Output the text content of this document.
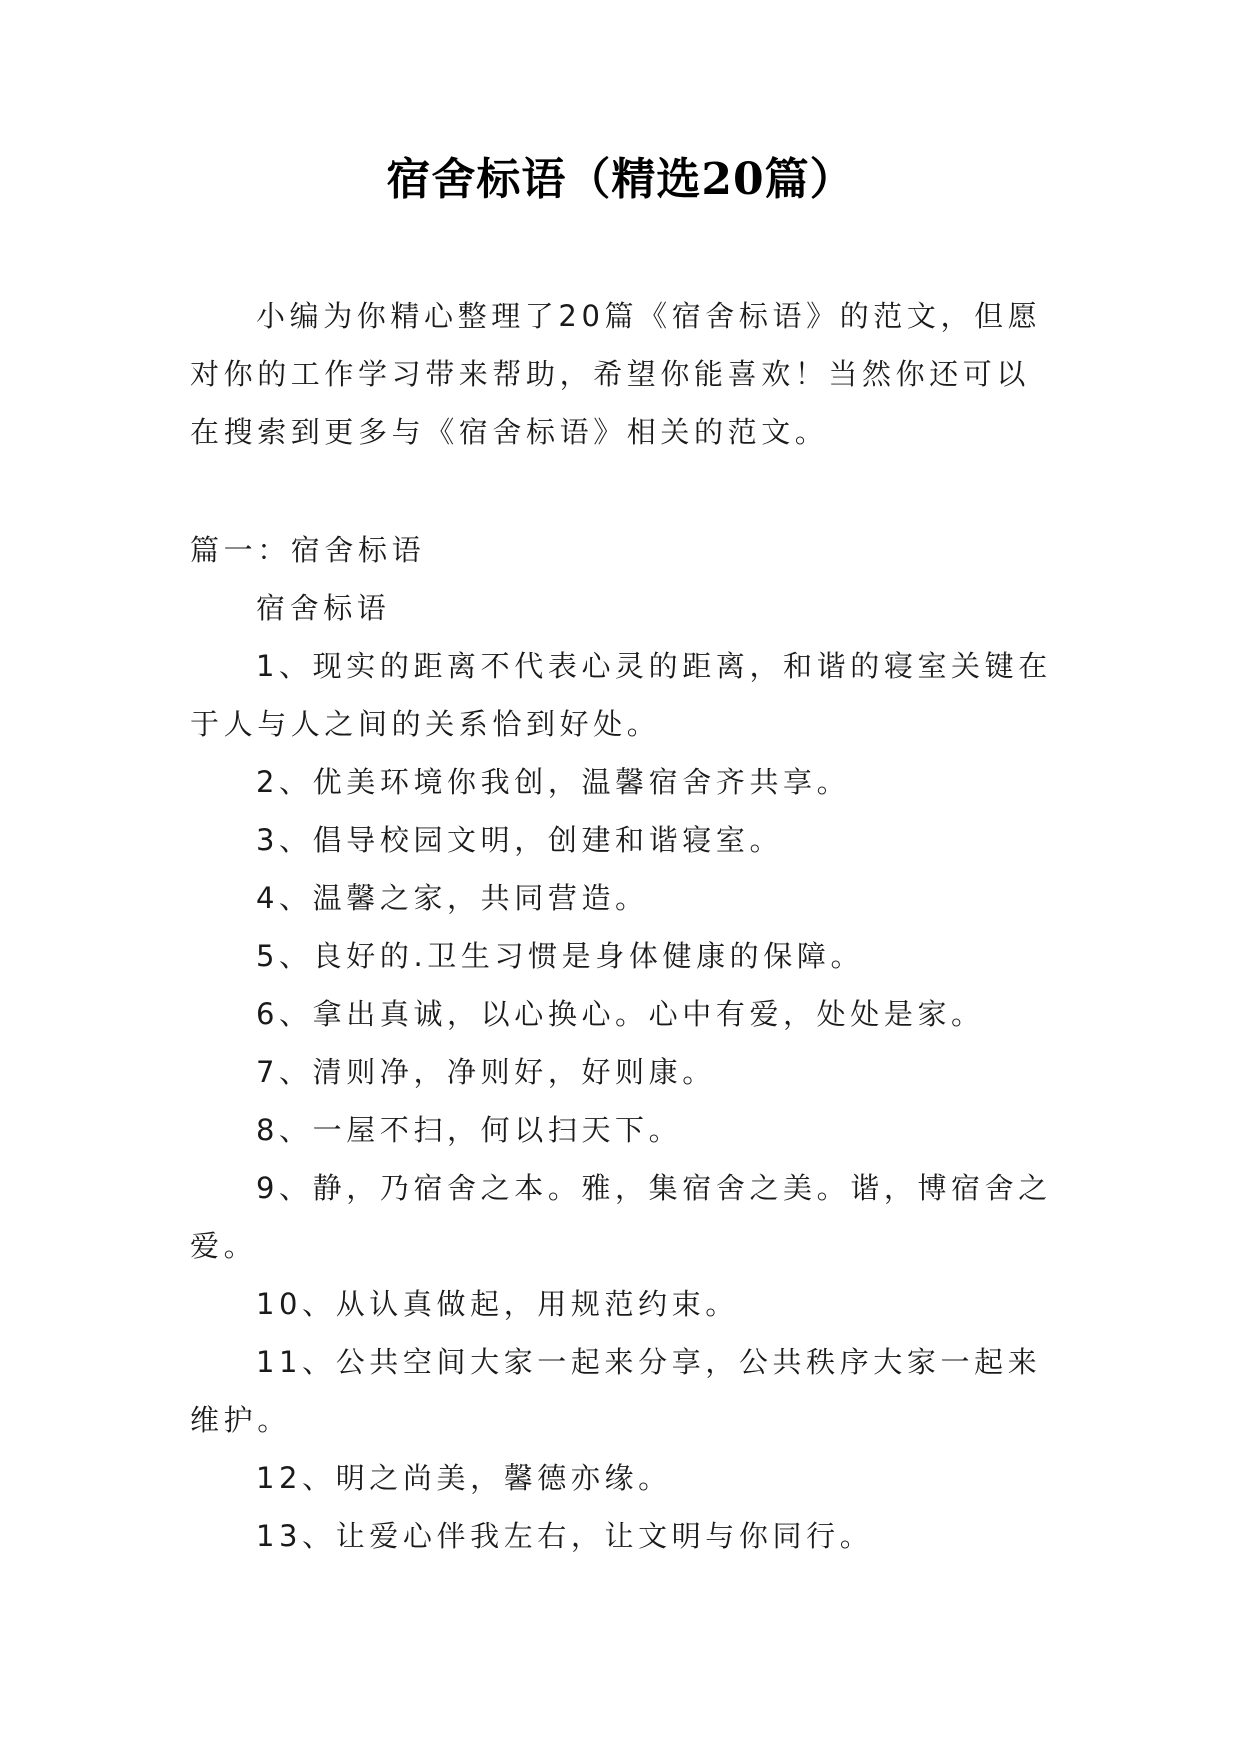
宿舍标语（精选20篇）
小编为你精心整理了20篇《宿舍标语》的范文，但愿对你的工作学习带来帮助，希望你能喜欢！当然你还可以在搜索到更多与《宿舍标语》相关的范文。
篇一：宿舍标语
宿舍标语
1、现实的距离不代表心灵的距离，和谐的寝室关键在于人与人之间的关系恰到好处。
2、优美环境你我创，温馨宿舍齐共享。
3、倡导校园文明，创建和谐寝室。
4、温馨之家，共同营造。
5、良好的.卫生习惯是身体健康的保障。
6、拿出真诚，以心换心。心中有爱，处处是家。
7、清则净，净则好，好则康。
8、一屋不扫，何以扫天下。
9、静，乃宿舍之本。雅，集宿舍之美。谐，博宿舍之爱。
10、从认真做起，用规范约束。
11、公共空间大家一起来分享，公共秩序大家一起来维护。
12、明之尚美，馨德亦缘。
13、让爱心伴我左右，让文明与你同行。
